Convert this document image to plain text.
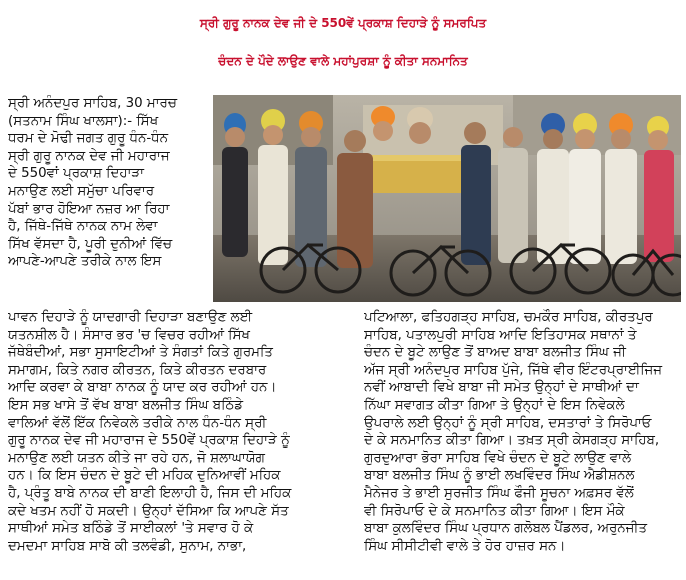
ਸ੍ਰੀ ਗੁਰੂ ਨਾਨਕ ਦੇਵ ਜੀ ਦੇ 550ਵੇਂ ਪ੍ਰਕਾਸ਼ ਦਿਹਾੜੇ ਨੂੰ ਸਮਰਪਿਤ
ਚੰਦਨ ਦੇ ਪੌਦੇ ਲਾਉਣ ਵਾਲੇ ਮਹਾਂਪੁਰਸ਼ਾ ਨੂੰ ਕੀਤਾ ਸਨਮਾਨਿਤ
ਸ੍ਰੀ ਅਨੰਦਪੁਰ ਸਾਹਿਬ, 30 ਮਾਰਚ
(ਸਤਨਾਮ ਸਿੰਘ ਖਾਲਸਾ):- ਸਿੱਖ
ਧਰਮ ਦੇ ਮੋਢੀ ਜਗਤ ਗੁਰੂ ਧੰਨ-ਧੰਨ
ਸ੍ਰੀ ਗੁਰੂ ਨਾਨਕ ਦੇਵ ਜੀ ਮਹਾਰਾਜ
ਦੇ 550ਵਾਂ ਪ੍ਰਕਾਸ਼ ਦਿਹਾੜਾ
ਮਨਾਉਣ ਲਈ ਸਮੁੱਚਾ ਪਰਿਵਾਰ
ਪੱਬਾਂ ਭਾਰ ਹੋਇਆ ਨਜ਼ਰ ਆ ਰਿਹਾ
ਹੈ, ਜਿੱਥੇ-ਜਿੱਥੇ ਨਾਨਕ ਨਾਮ ਲੇਵਾ
ਸਿੱਖ ਵੱਸਦਾ ਹੈ, ਪੂਰੀ ਦੁਨੀਆਂ ਵਿੱਚ
ਆਪਣੇ-ਆਪਣੇ ਤਰੀਕੇ ਨਾਲ ਇਸ
ਪਾਵਨ ਦਿਹਾੜੇ ਨੂੰ ਯਾਦਗਾਰੀ ਦਿਹਾੜਾ ਬਣਾਉਣ ਲਈ
ਯਤਨਸ਼ੀਲ ਹੈ। ਸੰਸਾਰ ਭਰ 'ਚ ਵਿਚਰ ਰਹੀਆਂ ਸਿੱਖ
ਜੱਥੇਬੰਦੀਆਂ, ਸਭਾ ਸੁਸਾਇਟੀਆਂ ਤੇ ਸੰਗਤਾਂ ਕਿਤੇ ਗੁਰਮਤਿ
ਸਮਾਗਮ, ਕਿਤੇ ਨਗਰ ਕੀਰਤਨ, ਕਿਤੇ ਕੀਰਤਨ ਦਰਬਾਰ
ਆਦਿ ਕਰਵਾ ਕੇ ਬਾਬਾ ਨਾਨਕ ਨੂੰ ਯਾਦ ਕਰ ਰਹੀਆਂ ਹਨ।
ਇਸ ਸਭ ਖਾਸੇ ਤੋਂ ਵੱਖ ਬਾਬਾ ਬਲਜੀਤ ਸਿੰਘ ਬਠਿੰਡੇ
ਵਾਲਿਆਂ ਵੱਲੋਂ ਇੱਕ ਨਿਵੇਕਲੇ ਤਰੀਕੇ ਨਾਲ ਧੰਨ-ਧੰਨ ਸ੍ਰੀ
ਗੁਰੂ ਨਾਨਕ ਦੇਵ ਜੀ ਮਹਾਰਾਜ ਦੇ 550ਵੇਂ ਪ੍ਰਕਾਸ਼ ਦਿਹਾੜੇ ਨੂੰ
ਮਨਾਉਣ ਲਈ ਯਤਨ ਕੀਤੇ ਜਾ ਰਹੇ ਹਨ, ਜੋ ਸ਼ਲਾਘਾਯੋਗ
ਹਨ। ਕਿ ਇਸ ਚੰਦਨ ਦੇ ਬੂਟੇ ਦੀ ਮਹਿਕ ਦੁਨਿਆਵੀਂ ਮਹਿਕ
ਹੈ, ਪ੍ਰੰਤੂ ਬਾਬੇ ਨਾਨਕ ਦੀ ਬਾਣੀ ਇਲਾਹੀ ਹੈ, ਜਿਸ ਦੀ ਮਹਿਕ
ਕਦੇ ਖਤਮ ਨਹੀਂ ਹੋ ਸਕਦੀ। ਉਨ੍ਹਾਂ ਦੱਸਿਆ ਕਿ ਆਪਣੇ ਸੱਤ
ਸਾਥੀਆਂ ਸਮੇਤ ਬਠਿੰਡੇ ਤੋਂ ਸਾਈਕਲਾਂ 'ਤੇ ਸਵਾਰ ਹੋ ਕੇ
ਦਮਦਮਾ ਸਾਹਿਬ ਸਾਬੋ ਕੀ ਤਲਵੰਡੀ, ਸੁਨਾਮ, ਨਾਭਾ,
ਪਟਿਆਲਾ, ਫਤਿਹਗੜ੍ਹ ਸਾਹਿਬ, ਚਮਕੌਰ ਸਾਹਿਬ, ਕੀਰਤਪੁਰ
ਸਾਹਿਬ, ਪਤਾਲਪੁਰੀ ਸਾਹਿਬ ਆਦਿ ਇਤਿਹਾਸਕ ਸਥਾਨਾਂ ਤੇ
ਚੰਦਨ ਦੇ ਬੂਟੇ ਲਾਉਣ ਤੋਂ ਬਾਅਦ ਬਾਬਾ ਬਲਜੀਤ ਸਿੰਘ ਜੀ
ਅੱਜ ਸ੍ਰੀ ਅਨੰਦਪੁਰ ਸਾਹਿਬ ਪੁੱਜੇ, ਜਿੱਥੇ ਵੀਰ ਇੰਟਰਪ੍ਰਾਈਜਿਜ
ਨਵੀਂ ਆਬਾਦੀ ਵਿਖੇ ਬਾਬਾ ਜੀ ਸਮੇਤ ਉਨ੍ਹਾਂ ਦੇ ਸਾਥੀਆਂ ਦਾ
ਨਿੱਘਾ ਸਵਾਗਤ ਕੀਤਾ ਗਿਆ ਤੇ ਉਨ੍ਹਾਂ ਦੇ ਇਸ ਨਿਵੇਕਲੇ
ਉਪਰਾਲੇ ਲਈ ਉਨ੍ਹਾਂ ਨੂੰ ਸ੍ਰੀ ਸਾਹਿਬ, ਦਸਤਾਰਾਂ ਤੇ ਸਿਰੋਪਾਓ
ਦੇ ਕੇ ਸਨਮਾਨਿਤ ਕੀਤਾ ਗਿਆ। ਤਖ਼ਤ ਸ੍ਰੀ ਕੇਸਗੜ੍ਹ ਸਾਹਿਬ,
ਗੁਰਦੁਆਰਾ ਭੋਰਾ ਸਾਹਿਬ ਵਿਖੇ ਚੰਦਨ ਦੇ ਬੂਟੇ ਲਾਉਣ ਵਾਲੇ
ਬਾਬਾ ਬਲਜੀਤ ਸਿੰਘ ਨੂੰ ਭਾਈ ਲਖਵਿੰਦਰ ਸਿੰਘ ਐਡੀਸ਼ਨਲ
ਮੈਨੇਜਰ ਤੇ ਭਾਈ ਸੁਰਜੀਤ ਸਿੰਘ ਫੌਜੀ ਸੂਚਨਾ ਅਫ਼ਸਰ ਵੱਲੋਂ
ਵੀ ਸਿਰੋਪਾਓ ਦੇ ਕੇ ਸਨਮਾਨਿਤ ਕੀਤਾ ਗਿਆ। ਇਸ ਮੌਕੇ
ਬਾਬਾ ਕੁਲਵਿੰਦਰ ਸਿੰਘ ਪ੍ਰਧਾਨ ਗਲੋਬਲ ਪੈਂਡਲਰ, ਅਰੁਨਜੀਤ
ਸਿੰਘ ਸੀਸੀਟੀਵੀ ਵਾਲੇ ਤੇ ਹੋਰ ਹਾਜ਼ਰ ਸਨ।
